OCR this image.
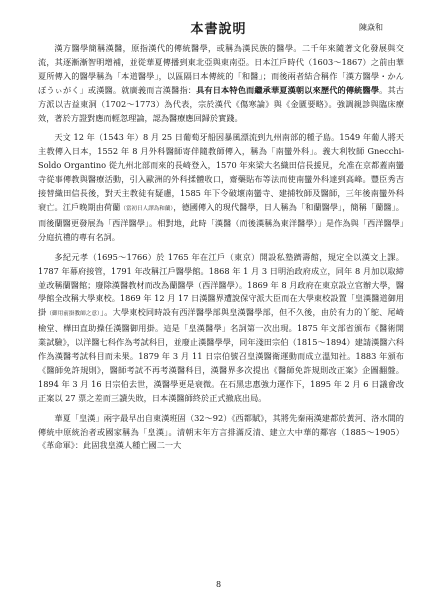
本書說明	陳焱和

漢方醫學簡稱漢醫，原指漢代的傳統醫學，或稱為漢民族的醫學。二千年來隨著文化發展與交流，其逐漸漸智明增補，並從華夏傳播到東北亞與東南亞。日本江戶時代（1603～1867）之前由華夏所傳入的醫學稱為「本道醫學」，以區隔日本傳統的「和醫」；而後兩者結合稱作「漢方醫學・かんぽうぃがく」或漢醫。就廣義而言漢醫指：具有日本特色而繼承華夏漢朝以來歷代的傳統醫學。其古方派以吉益東洞（1702～1773）為代表，宗於漢代《傷寒論》與《金匱要略》。強調親診與臨床療效，著於方證對應而輕忽理論，認為醫療應回歸於實踐。

天文 12 年（1543 年）8 月 25 日葡萄牙船因暴風漂流到九州南部的種子島。1549 年葡人將天主教傳入日本，1552 年 8 月外科醫師寄伴隨教師傳入，稱為「南蠻外科」。義大利牧師 Gnecchi-Soldo Organtino 從九州北部而來的長崎登入，1570 年來梁大名織田信長援見，允准在京都蓋南蠻寺從事傳教與醫療活動，引入歐洲的外科揉體收口，齋藥貼布等法而使南蠻外科達到高峰。豐臣秀吉接替織田信長後，對天主教徒有疑慮，1585 年下令破壞南蠻寺、建捕牧師及醫師，三年後南蠻外科衰亡。江戶晚期由荷蘭（當初日人譯為和蘭），德國傳入的現代醫學，日人稱為「和蘭醫學」，簡稱「蘭醫」。而後蘭醫更發展為「西洋醫學」。相對地，此時「漢醫（而後漢稱為東洋醫學）」是作為與「西洋醫學」分庭抗禮的專有名詞。

多紀元孝（1695～1766）於 1765 年在江戶（東京）開設私塾躋壽館，規定全以漢文上課。1787 年幕府接管，1791 年改稱江戶醫學館。1868 年 1 月 3 日明治政府成立，同年 8 月加以取締並改稱蘭醫館；廢除漢醫教材而改為蘭醫學（西洋醫學）。1869 年 8 月政府在東京設立官辦大學，醫學館全改稱大學東校。1869 年 12 月 17 日漢醫界遭說保守派大臣而在大學東校設置「皇漢醫道御用掛（御用前掛教師之意）」。大學東校同時設有西洋醫學部與皇漢醫學部，但不久後，由於有力的丫鴕、尾崎檢堂、樺田直助操任漢醫御用掛。這是「皇漢醫學」名詞第一次出現。1875 年文部省頒布《醫術開業試驗》，以洋醫七科作為考試科目，並廢止漢醫學學，同年淺田宗伯（1815～1894）建請漢醫六科作為漢醫考試科目而未果。1879 年 3 月 11 日宗伯號召皇漢醫衛運動而成立溫知社。1883 年頒布《醫師免許規則》，醫師考試不再考漢醫科目，漢醫界多次提出《醫師免許規則改正案》企圖翻盤。1894 年 3 月 16 日宗伯去世，漢醫學更是衰微。在石黑忠惠強力運作下，1895 年 2 月 6 日議會改正案以 27 票之差而三讀失敗，日本漢醫師終於正式撤底出局。

華夏「皇漢」兩字最早出自東漢班固（32～92）《西都賦》，其將先秦兩漢建都於黃河、洛水間的傳統中原統治者或國家稱為「皇漢」。清朝末年方言排滿反清、建立大中華的鄰容（1885～1905）《革命軍》：此固我皇漢人種亡國二一大

8
